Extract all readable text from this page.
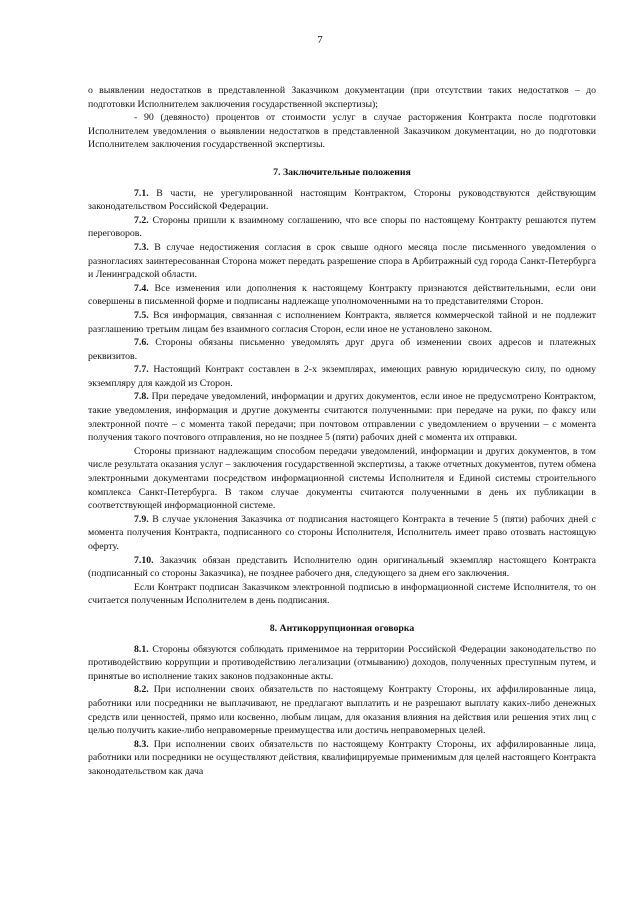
7

о выявлении недостатков в представленной Заказчиком документации (при отсутствии таких недостатков – до подготовки Исполнителем заключения государственной экспертизы);

- 90 (девяносто) процентов от стоимости услуг в случае расторжения Контракта после подготовки Исполнителем уведомления о выявлении недостатков в представленной Заказчиком документации, но до подготовки Исполнителем заключения государственной экспертизы.

7. Заключительные положения

7.1. В части, не урегулированной настоящим Контрактом, Стороны руководствуются действующим законодательством Российской Федерации.

7.2. Стороны пришли к взаимному соглашению, что все споры по настоящему Контракту решаются путем переговоров.

7.3. В случае недостижения согласия в срок свыше одного месяца после письменного уведомления о разногласиях заинтересованная Сторона может передать разрешение спора в Арбитражный суд города Санкт-Петербурга и Ленинградской области.

7.4. Все изменения или дополнения к настоящему Контракту признаются действительными, если они совершены в письменной форме и подписаны надлежаще уполномоченными на то представителями Сторон.

7.5. Вся информация, связанная с исполнением Контракта, является коммерческой тайной и не подлежит разглашению третьим лицам без взаимного согласия Сторон, если иное не установлено законом.

7.6. Стороны обязаны письменно уведомлять друг друга об изменении своих адресов и платежных реквизитов.

7.7. Настоящий Контракт составлен в 2-х экземплярах, имеющих равную юридическую силу, по одному экземпляру для каждой из Сторон.

7.8. При передаче уведомлений, информации и других документов, если иное не предусмотрено Контрактом, такие уведомления, информация и другие документы считаются полученными: при передаче на руки, по факсу или электронной почте – с момента такой передачи; при почтовом отправлении с уведомлением о вручении – с момента получения такого почтового отправления, но не позднее 5 (пяти) рабочих дней с момента их отправки.

Стороны признают надлежащим способом передачи уведомлений, информации и других документов, в том числе результата оказания услуг – заключения государственной экспертизы, а также отчетных документов, путем обмена электронными документами посредством информационной системы Исполнителя и Единой системы строительного комплекса Санкт-Петербурга. В таком случае документы считаются полученными в день их публикации в соответствующей информационной системе.

7.9. В случае уклонения Заказчика от подписания настоящего Контракта в течение 5 (пяти) рабочих дней с момента получения Контракта, подписанного со стороны Исполнителя, Исполнитель имеет право отозвать настоящую оферту.

7.10. Заказчик обязан представить Исполнителю один оригинальный экземпляр настоящего Контракта (подписанный со стороны Заказчика), не позднее рабочего дня, следующего за днем его заключения.

Если Контракт подписан Заказчиком электронной подписью в информационной системе Исполнителя, то он считается полученным Исполнителем в день подписания.

8. Антикоррупционная оговорка

8.1. Стороны обязуются соблюдать применимое на территории Российской Федерации законодательство по противодействию коррупции и противодействию легализации (отмыванию) доходов, полученных преступным путем, и принятые во исполнение таких законов подзаконные акты.

8.2. При исполнении своих обязательств по настоящему Контракту Стороны, их аффилированные лица, работники или посредники не выплачивают, не предлагают выплатить и не разрешают выплату каких-либо денежных средств или ценностей, прямо или косвенно, любым лицам, для оказания влияния на действия или решения этих лиц с целью получить какие-либо неправомерные преимущества или достичь неправомерных целей.

8.3. При исполнении своих обязательств по настоящему Контракту Стороны, их аффилированные лица, работники или посредники не осуществляют действия, квалифицируемые применимым для целей настоящего Контракта законодательством как дача
